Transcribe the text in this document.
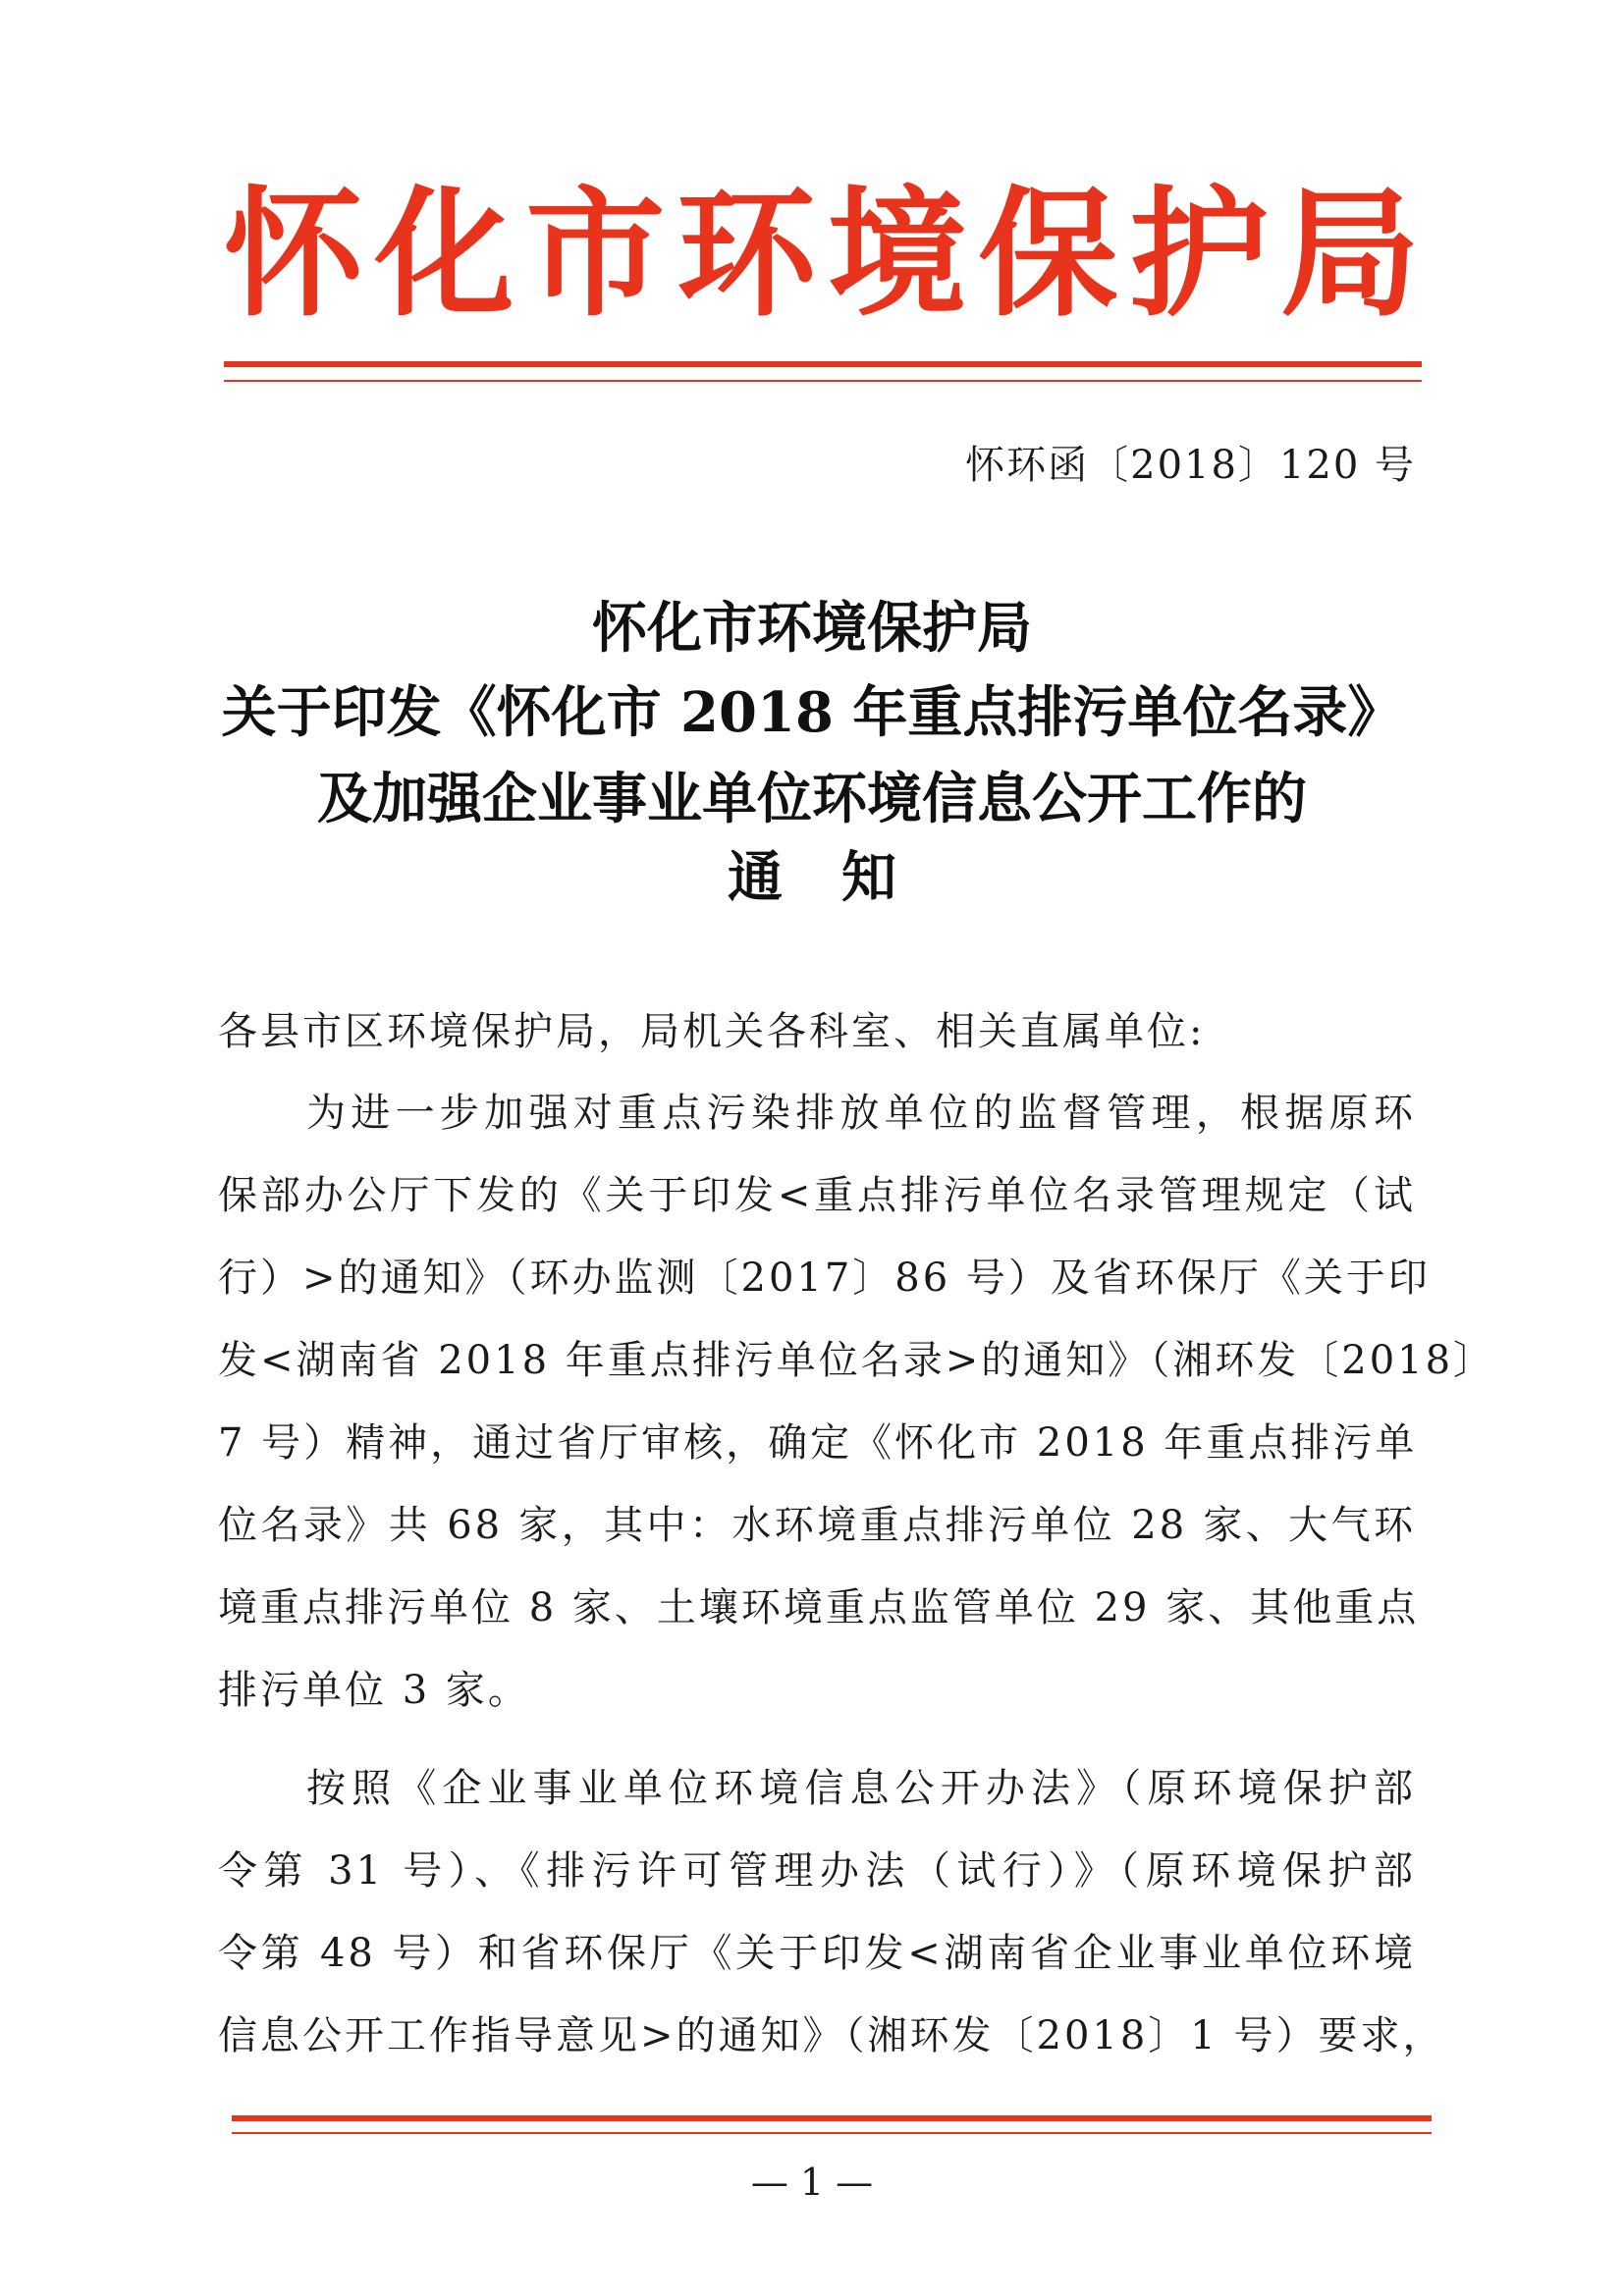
怀 化 市 环 境 保 护 局
怀环函〔2018〕120 号
怀化市环境保护局
关于印发《怀化市 2018 年重点排污单位名录》
及加强企业事业单位环境信息公开工作的
通知
各县市区环境保护局，局机关各科室、相关直属单位:
为进一步加强对重点污染排放单位的监督管理，根据原环
保部办公厅下发的《关于印发<重点排污单位名录管理规定（试
行）>的通知》（环办监测〔2017〕86 号）及省环保厅《关于印
发<湖南省 2018 年重点排污单位名录>的通知》（湘环发〔2018〕
7 号）精神，通过省厅审核，确定《怀化市 2018 年重点排污单
位名录》共 68 家，其中：水环境重点排污单位 28 家、大气环
境重点排污单位 8 家、土壤环境重点监管单位 29 家、其他重点
排污单位 3 家。
按照《企业事业单位环境信息公开办法》（原环境保护部
令第 31 号）、《排污许可管理办法（试行）》（原环境保护部
令第 48 号）和省环保厅《关于印发<湖南省企业事业单位环境
信息公开工作指导意见>的通知》（湘环发〔2018〕1 号）要求，
— 1 —
